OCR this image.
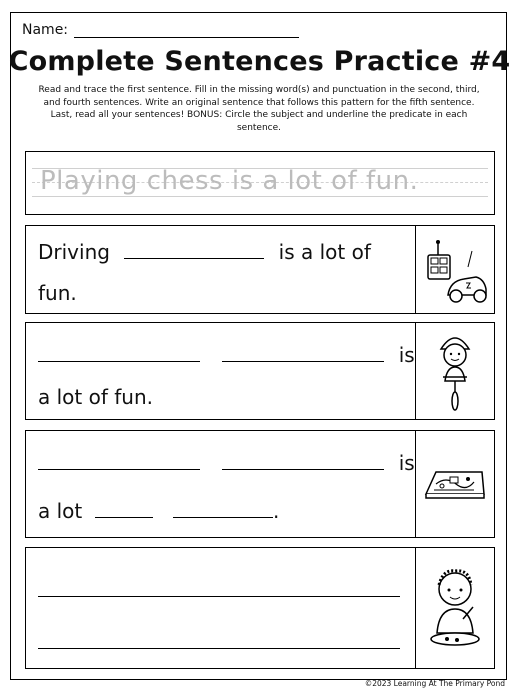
Name:
Complete Sentences Practice #4
Read and trace the first sentence. Fill in the missing word(s) and punctuation in the second, third, and fourth sentences. Write an original sentence that follows this pattern for the fifth sentence. Last, read all your sentences! BONUS: Circle the subject and underline the predicate in each sentence.
Playing chess is a lot of fun.
Driving	is a lot of
fun.
is
a lot of fun.
is
a lot	.
©2023 Learning At The Primary Pond
